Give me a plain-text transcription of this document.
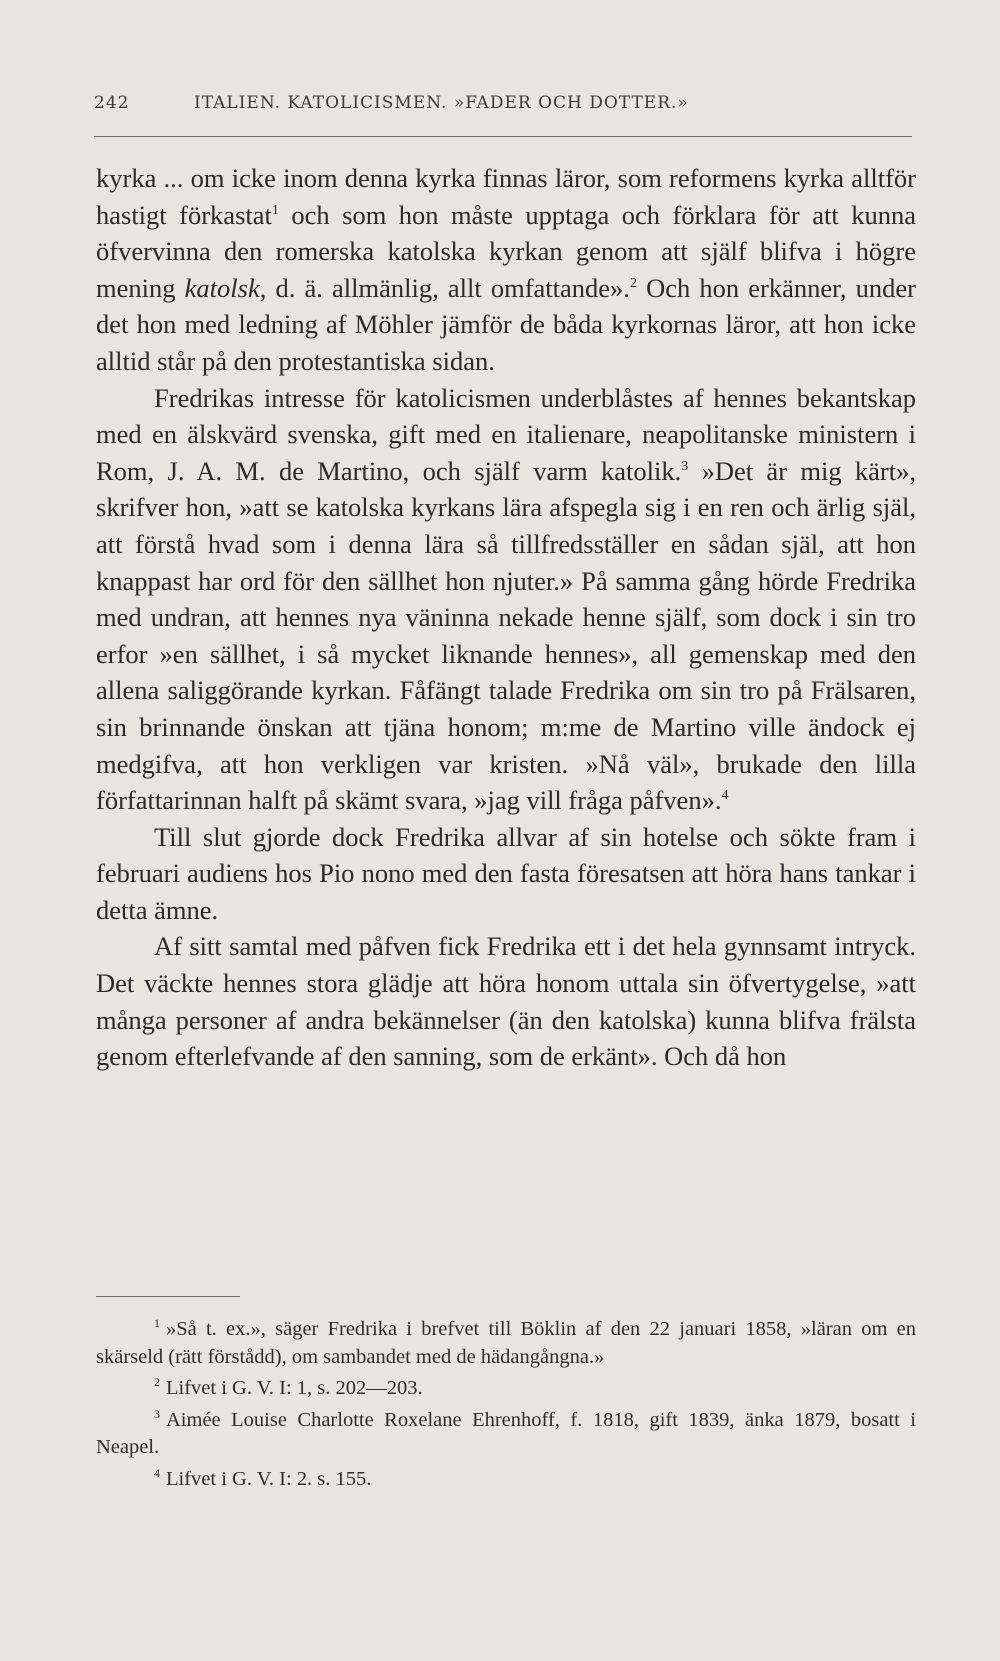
242	ITALIEN. KATOLICISMEN. »FADER OCH DOTTER.»

kyrka ... om icke inom denna kyrka finnas läror, som reformens kyrka alltför hastigt förkastat$^1$ och som hon måste upptaga och förklara för att kunna öfvervinna den romerska katolska kyrkan genom att själf blifva i högre mening katolsk, d. ä. allmänlig, allt omfattande».$^2$ Och hon erkänner, under det hon med ledning af Möhler jämför de båda kyrkornas läror, att hon icke alltid står på den protestantiska sidan.

Fredrikas intresse för katolicismen underblåstes af hennes bekantskap med en älskvärd svenska, gift med en italienare, neapolitanske ministern i Rom, J. A. M. de Martino, och själf varm katolik.$^3$ »Det är mig kärt», skrifver hon, »att se katolska kyrkans lära afspegla sig i en ren och ärlig själ, att förstå hvad som i denna lära så tillfredsställer en sådan själ, att hon knappast har ord för den sällhet hon njuter.» På samma gång hörde Fredrika med undran, att hennes nya väninna nekade henne själf, som dock i sin tro erfor »en sällhet, i så mycket liknande hennes», all gemenskap med den allena saliggörande kyrkan. Fåfängt talade Fredrika om sin tro på Frälsaren, sin brinnande önskan att tjäna honom; m:me de Martino ville ändock ej medgifva, att hon verkligen var kristen. »Nå väl», brukade den lilla författarinnan halft på skämt svara, »jag vill fråga påfven».$^4$

Till slut gjorde dock Fredrika allvar af sin hotelse och sökte fram i februari audiens hos Pio nono med den fasta föresatsen att höra hans tankar i detta ämne.

Af sitt samtal med påfven fick Fredrika ett i det hela gynnsamt intryck. Det väckte hennes stora glädje att höra honom uttala sin öfvertygelse, »att många personer af andra bekännelser (än den katolska) kunna blifva frälsta genom efterlefvande af den sanning, som de erkänt». Och då hon

$^1$ »Så t. ex.», säger Fredrika i brefvet till Böklin af den 22 januari 1858, »läran om en skärseld (rätt förstådd), om sambandet med de hädangångna.»

$^2$ Lifvet i G. V. I: 1, s. 202—203.

$^3$ Aimée Louise Charlotte Roxelane Ehrenhoff, f. 1818, gift 1839, änka 1879, bosatt i Neapel.

$^4$ Lifvet i G. V. I: 2. s. 155.
